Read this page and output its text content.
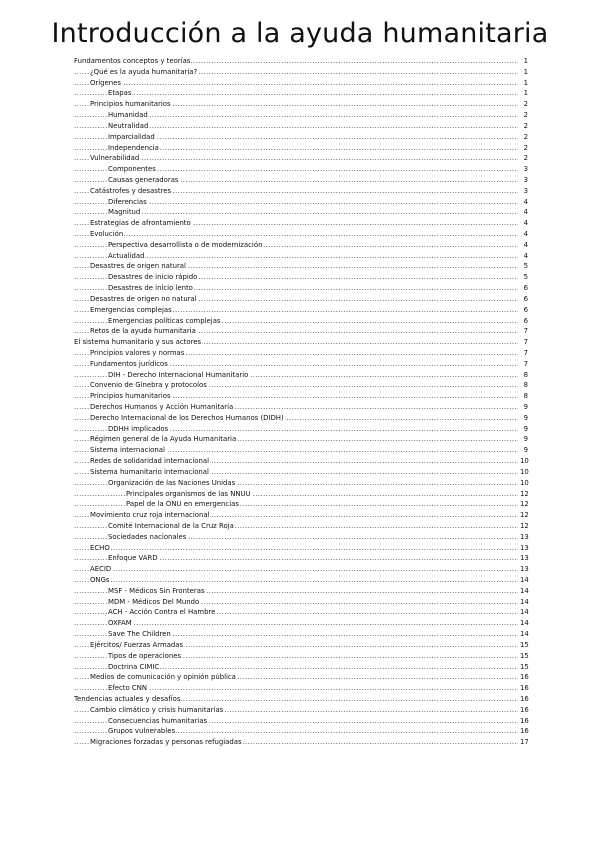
Introducción a la ayuda humanitaria
Fundamentos conceptos y teorías .....	1
¿Qué es la ayuda humanitaria? .....	1
Orígenes .....	1
Etapas .....	1
Principios humanitarios .....	2
Humanidad .....	2
Neutralidad .....	2
Imparcialidad .....	2
Independencia .....	2
Vulnerabilidad .....	2
Componentes .....	3
Causas generadoras .....	3
Catástrofes y desastres .....	3
Diferencias .....	4
Magnitud .....	4
Estrategias de afrontamiento .....	4
Evolución .....	4
Perspectiva desarrollista o de modernización .....	4
Actualidad .....	4
Desastres de origen natural .....	5
Desastres de inicio rápido .....	5
Desastres de inicio lento .....	6
Desastres de origen no natural .....	6
Emergencias complejas .....	6
Emergencias políticas complejas .....	6
Retos de la ayuda humanitaria .....	7
El sistema humanitario y sus actores .....	7
Principios valores y normas .....	7
Fundamentos jurídicos .....	7
DIH - Derecho Internacional Humanitario .....	8
Convenio de Ginebra y protocolos .....	8
Principios humanitarios .....	8
Derechos Humanos y Acción Humanitaria .....	9
Derecho Internacional de los Derechos Humanos (DIDH) .....	9
DDHH implicados .....	9
Régimen general de la Ayuda Humanitaria .....	9
Sistema internacional .....	9
Redes de solidaridad internacional .....	10
Sistema humanitario internacional .....	10
Organización de las Naciones Unidas .....	10
Principales organismos de las NNUU .....	12
Papel de la ONU en emergencias .....	12
Movimiento cruz roja internacional .....	12
Comité Internacional de la Cruz Roja .....	12
Sociedades nacionales .....	13
ECHO .....	13
Enfoque VARD .....	13
AECID .....	13
ONGs .....	14
MSF - Médicos Sin Fronteras .....	14
MDM - Médicos Del Mundo .....	14
ACH - Acción Contra el Hambre .....	14
OXFAM .....	14
Save The Children .....	14
Ejércitos/ Fuerzas Armadas .....	15
Tipos de operaciones .....	15
Doctrina CIMIC .....	15
Medios de comunicación y opinión pública .....	16
Efecto CNN .....	16
Tendencias actuales y desafíos .....	16
Cambio climático y crisis humanitarias .....	16
Consecuencias humanitarias .....	16
Grupos vulnerables .....	16
Migraciones forzadas y personas refugiadas .....	17
